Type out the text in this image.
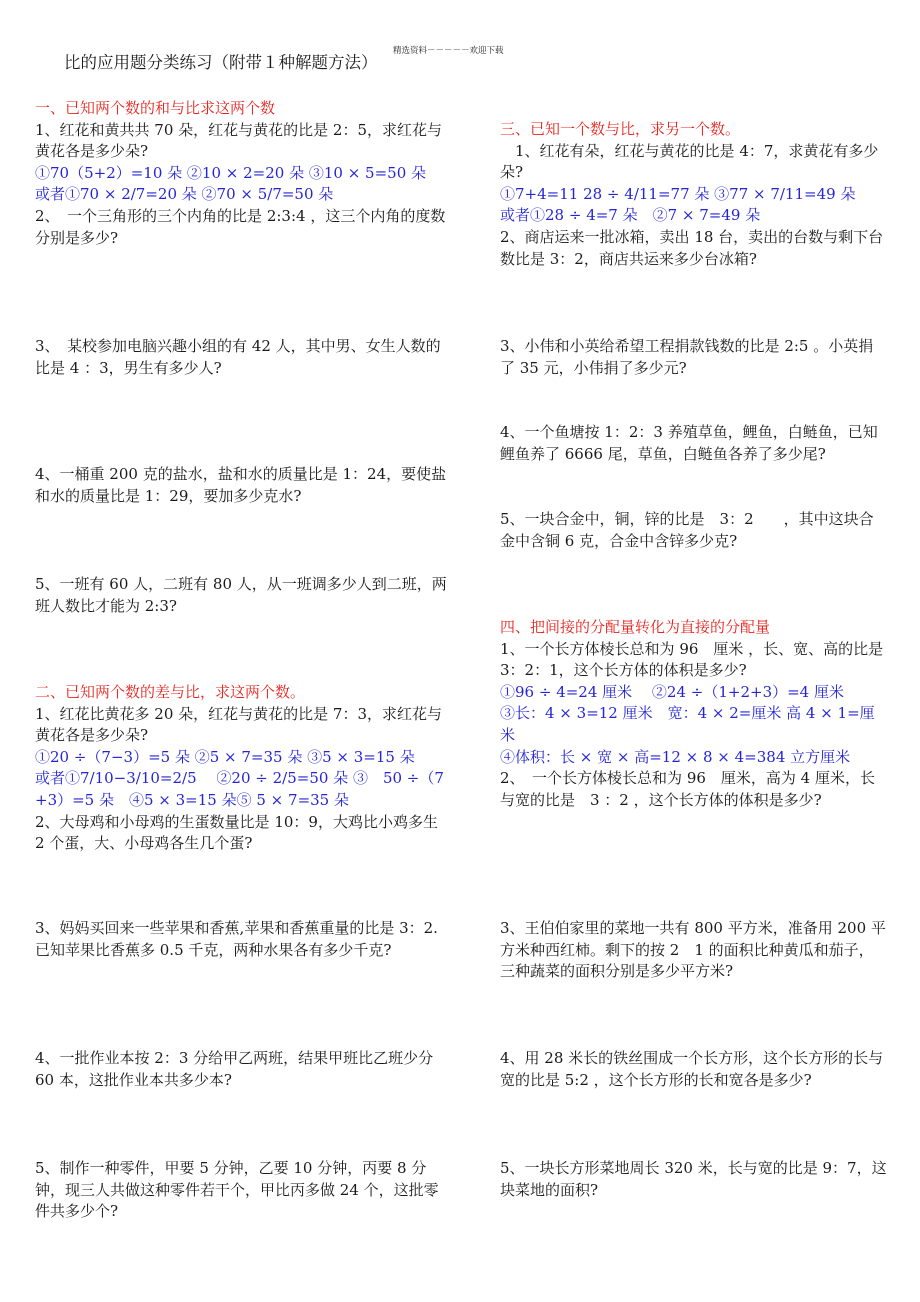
比的应用题分类练习（附带１种解题方法）
精选资料－－－－－欢迎下载
一、已知两个数的和与比求这两个数
1、红花和黄共共 70 朵，红花与黄花的比是 2：5，求红花与黄花各是多少朵?
①70（5+2）=10 朵 ②10 × 2=20 朵 ③10 × 5=50 朵
或者①70 × 2/7=20 朵 ②70 × 5/7=50 朵
2、　一个三角形的三个内角的比是 2:3:4 ，这三个内角的度数分别是多少?
3、　某校参加电脑兴趣小组的有 42 人，其中男、女生人数的比是 4 ：3，男生有多少人?
4、一桶重 200 克的盐水，盐和水的质量比是 1：24，要使盐和水的质量比是 1：29，要加多少克水?
5、一班有 60 人，二班有 80 人，从一班调多少人到二班，两班人数比才能为 2:3?
二、已知两个数的差与比，求这两个数。
1、红花比黄花多 20 朵，红花与黄花的比是 7：3，求红花与黄花各是多少朵?
①20 ÷（7−3）=5 朵 ②5 × 7=35 朵 ③5 × 3=15 朵
或者①7/10−3/10=2/5　 ②20 ÷ 2/5=50 朵 ③　50 ÷（7+3）=5 朵　④5 × 3=15 朵⑤ 5 × 7=35 朵
2、大母鸡和小母鸡的生蛋数量比是 10：9，大鸡比小鸡多生 2 个蛋，大、小母鸡各生几个蛋?
3、妈妈买回来一些苹果和香蕉,苹果和香蕉重量的比是 3：2. 已知苹果比香蕉多 0.5 千克，两种水果各有多少千克?
4、一批作业本按 2：3 分给甲乙两班，结果甲班比乙班少分 60 本，这批作业本共多少本?
5、制作一种零件，甲要 5 分钟，乙要 10 分钟，丙要 8 分钟，现三人共做这种零件若干个，甲比丙多做 24 个，这批零件共多少个?
三、已知一个数与比，求另一个数。
1、红花有朵，红花与黄花的比是 4：7，求黄花有多少朵?
①7+4=11 28 ÷ 4/11=77 朵 ③77 × 7/11=49 朵
或者①28 ÷ 4=7 朵　②7 × 7=49 朵
2、商店运来一批冰箱，卖出 18 台，卖出的台数与剩下台数比是 3：2，商店共运来多少台冰箱?
3、小伟和小英给希望工程捐款钱数的比是 2:5 。小英捐了 35 元，小伟捐了多少元?
4、一个鱼塘按 1：2：3 养殖草鱼，鲤鱼，白鲢鱼，已知鲤鱼养了 6666 尾，草鱼，白鲢鱼各养了多少尾?
5、一块合金中，铜，锌的比是　3：2　　，其中这块合金中含铜 6 克，合金中含锌多少克?
四、把间接的分配量转化为直接的分配量
1、一个长方体棱长总和为 96　厘米 ，长、宽、高的比是 3：2：1，这个长方体的体积是多少?
①96 ÷ 4=24 厘米　 ②24 ÷（1+2+3）=4 厘米
③长：4 × 3=12 厘米　宽：4 × 2=厘米 高 4 × 1=厘米
④体积：长 × 宽 × 高=12 × 8 × 4=384 立方厘米
2、　一个长方体棱长总和为 96　厘米，高为 4 厘米，长与宽的比是　3 ：2 ，这个长方体的体积是多少?
3、王伯伯家里的菜地一共有 800 平方米，准备用 200 平方米种西红柿。剩下的按 2　1 的面积比种黄瓜和茄子，三种蔬菜的面积分别是多少平方米?
4、用 28 米长的铁丝围成一个长方形，这个长方形的长与宽的比是 5:2 ，这个长方形的长和宽各是多少?
5、一块长方形菜地周长 320 米，长与宽的比是 9：7，这块菜地的面积?
